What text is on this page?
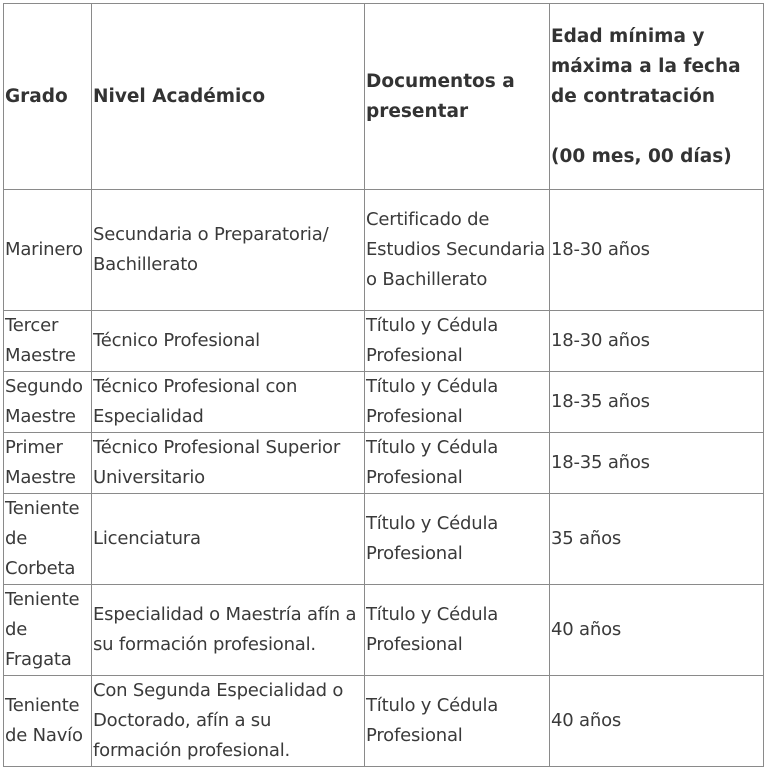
Grado	Nivel Académico	Documentos a presentar	Edad mínima y máxima a la fecha de contratación
(00 mes, 00 días)

Marinero	Secundaria o Preparatoria/ Bachillerato	Certificado de Estudios Secundaria o Bachillerato	18-30 años
Tercer Maestre	Técnico Profesional	Título y Cédula Profesional	18-30 años
Segundo Maestre	Técnico Profesional con Especialidad	Título y Cédula Profesional	18-35 años
Primer Maestre	Técnico Profesional Superior Universitario	Título y Cédula Profesional	18-35 años
Teniente de Corbeta	Licenciatura	Título y Cédula Profesional	35 años
Teniente de Fragata	Especialidad o Maestría afín a su formación profesional.	Título y Cédula Profesional	40 años
Teniente de Navío	Con Segunda Especialidad o Doctorado, afín a su formación profesional.	Título y Cédula Profesional	40 años
